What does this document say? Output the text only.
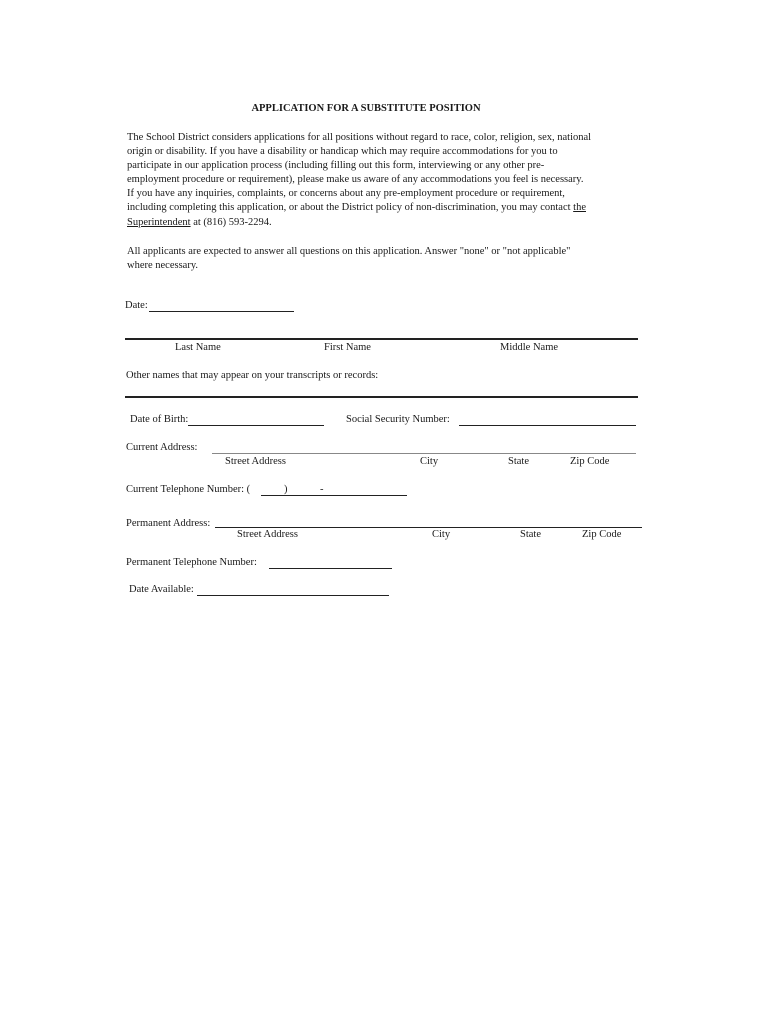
APPLICATION FOR A SUBSTITUTE POSITION
The School District considers applications for all positions without regard to race, color, religion, sex, national
origin or disability. If you have a disability or handicap which may require accommodations for you to
participate in our application process (including filling out this form, interviewing or any other pre-
employment procedure or requirement), please make us aware of any accommodations you feel is necessary.
If you have any inquiries, complaints, or concerns about any pre-employment procedure or requirement,
including completing this application, or about the District policy of non-discrimination, you may contact the
Superintendent at (816) 593-2294.
All applicants are expected to answer all questions on this application. Answer "none" or "not applicable"
where necessary.
Date:
Last Name	First Name	Middle Name
Other names that may appear on your transcripts or records:
Date of Birth:	Social Security Number:
Current Address:
Street Address	City	State	Zip Code
Current Telephone Number: (	)	-
Permanent Address:
Street Address	City	State	Zip Code
Permanent Telephone Number:
Date Available:
